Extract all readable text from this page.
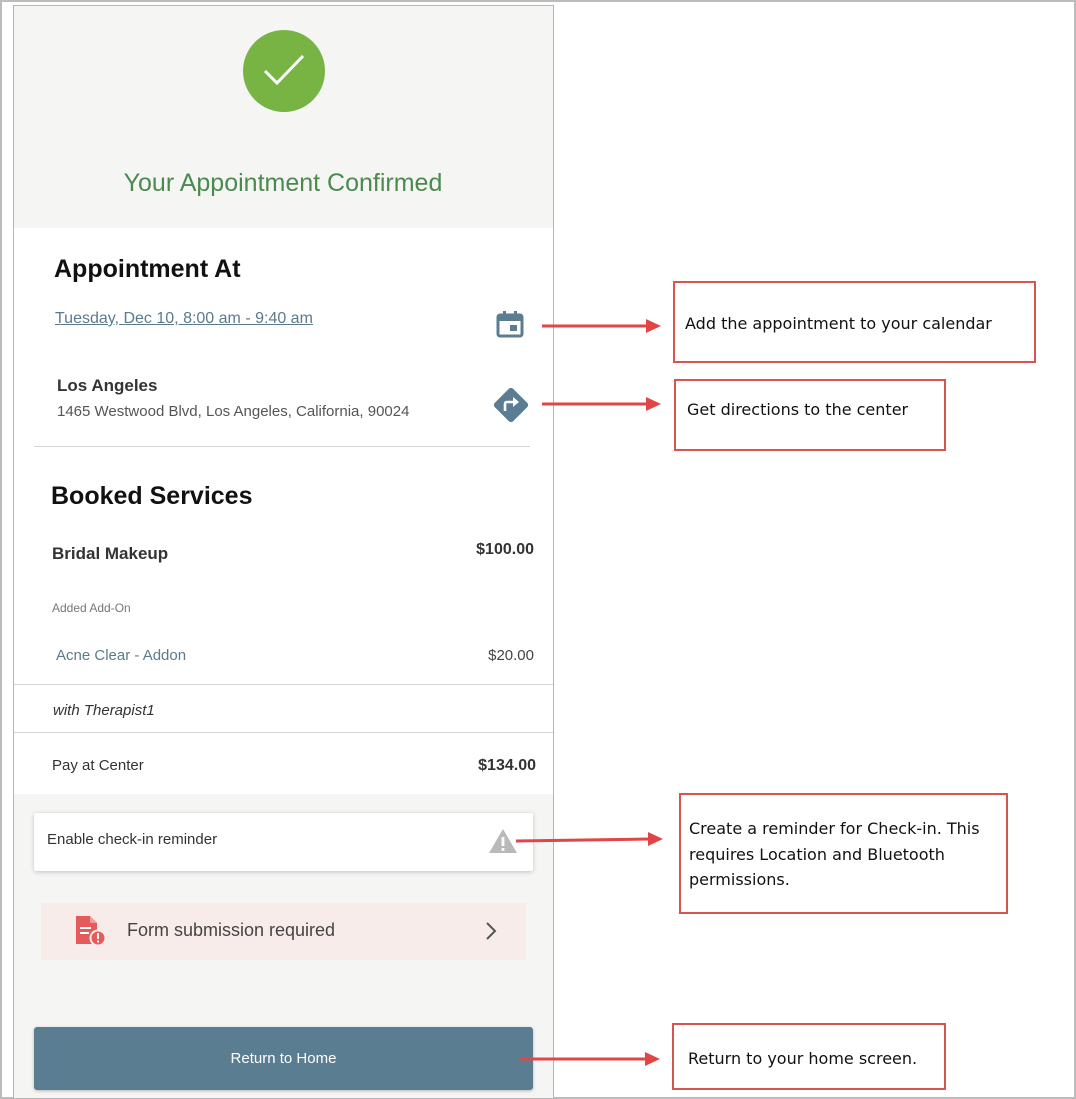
Your Appointment Confirmed
Appointment At
Tuesday, Dec 10, 8:00 am - 9:40 am
Los Angeles
1465 Westwood Blvd, Los Angeles, California, 90024
Booked Services
Bridal Makeup	$100.00
Added Add-On
Acne Clear - Addon	$20.00
with Therapist1
Pay at Center	$134.00
Enable check-in reminder
Form submission required
Return to Home
Add the appointment to your calendar
Get directions to the center
Create a reminder for Check-in. This requires Location and Bluetooth permissions.
Return to your home screen.
